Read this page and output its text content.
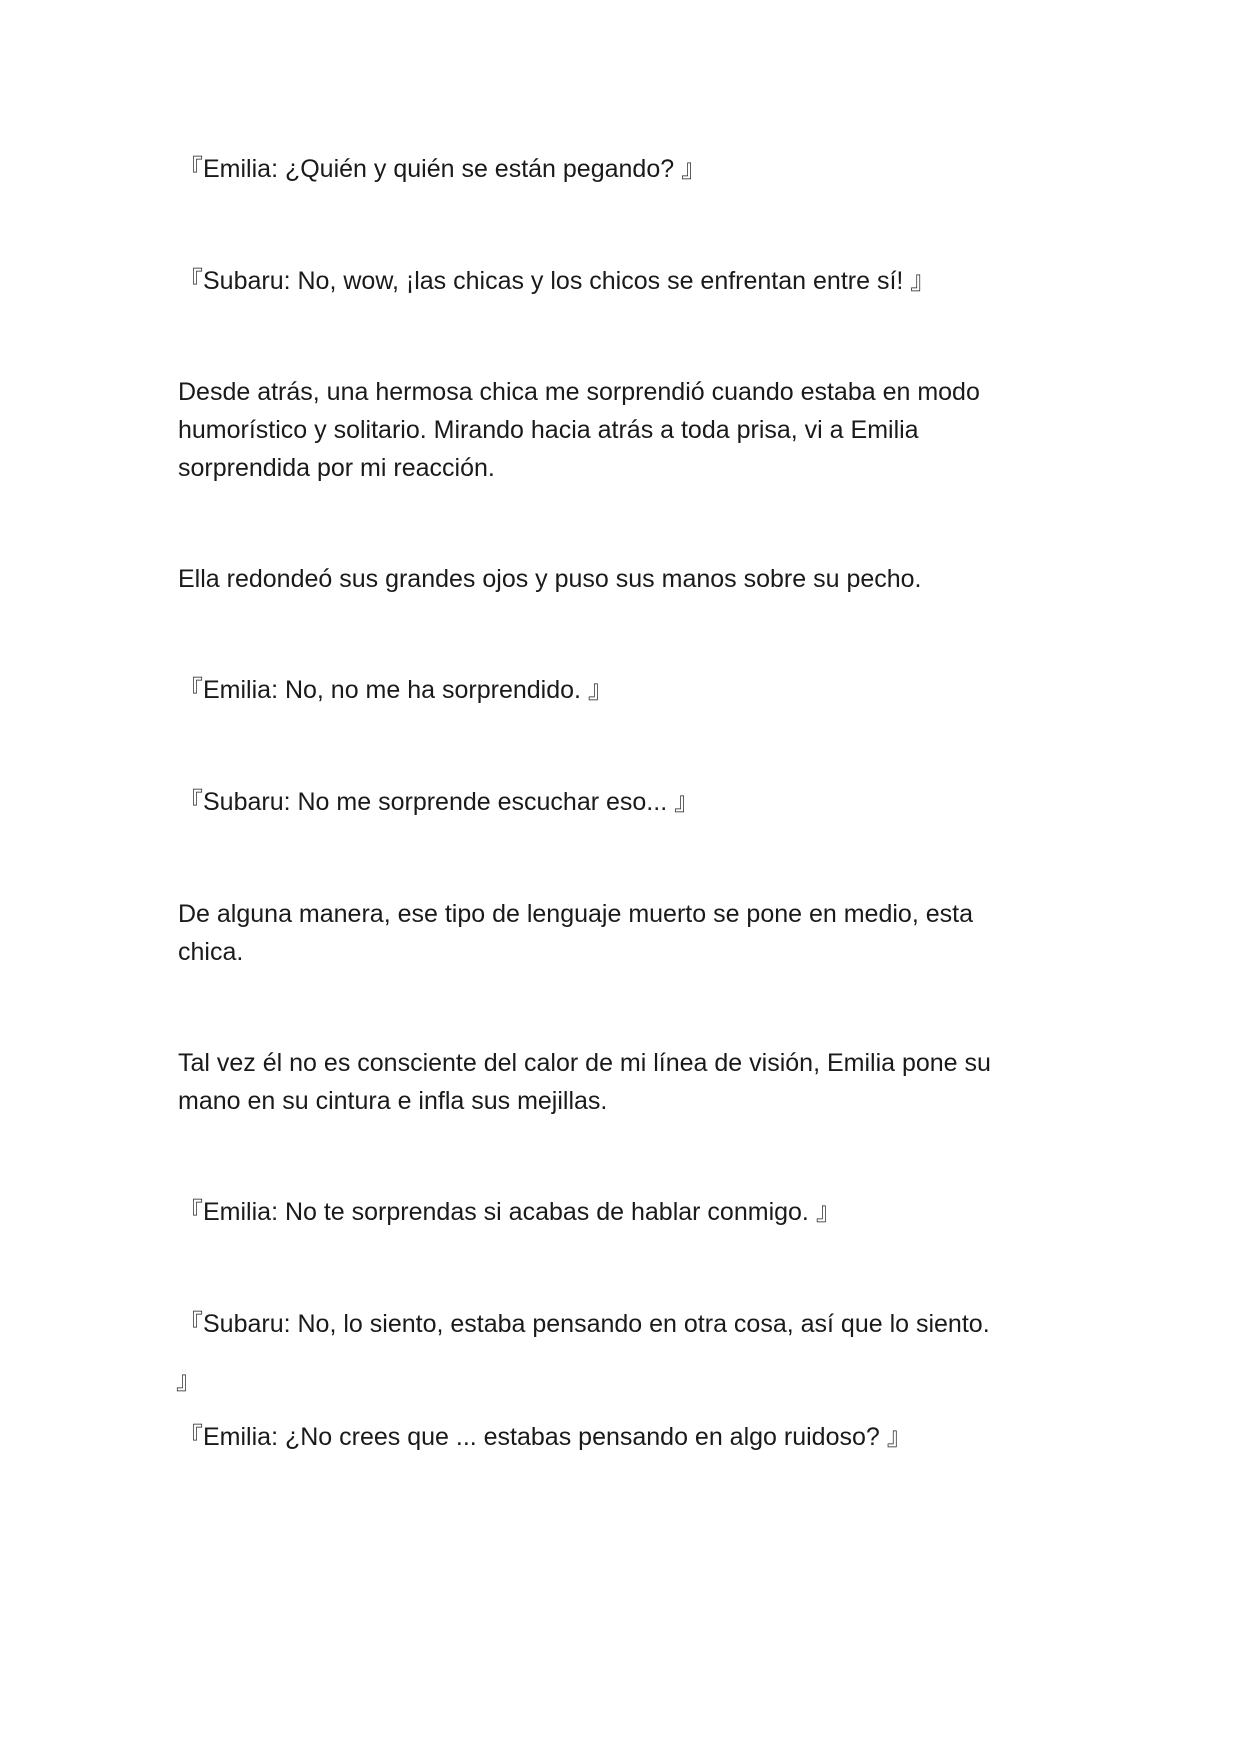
『Emilia: ¿Quién y quién se están pegando? 』
『Subaru: No, wow, ¡las chicas y los chicos se enfrentan entre sí! 』
Desde atrás, una hermosa chica me sorprendió cuando estaba en modo
humorístico y solitario. Mirando hacia atrás a toda prisa, vi a Emilia
sorprendida por mi reacción.
Ella redondeó sus grandes ojos y puso sus manos sobre su pecho.
『Emilia: No, no me ha sorprendido. 』
『Subaru: No me sorprende escuchar eso... 』
De alguna manera, ese tipo de lenguaje muerto se pone en medio, esta
chica.
Tal vez él no es consciente del calor de mi línea de visión, Emilia pone su
mano en su cintura e infla sus mejillas.
『Emilia: No te sorprendas si acabas de hablar conmigo. 』
『Subaru: No, lo siento, estaba pensando en otra cosa, así que lo siento.
』
『Emilia: ¿No crees que ... estabas pensando en algo ruidoso? 』
